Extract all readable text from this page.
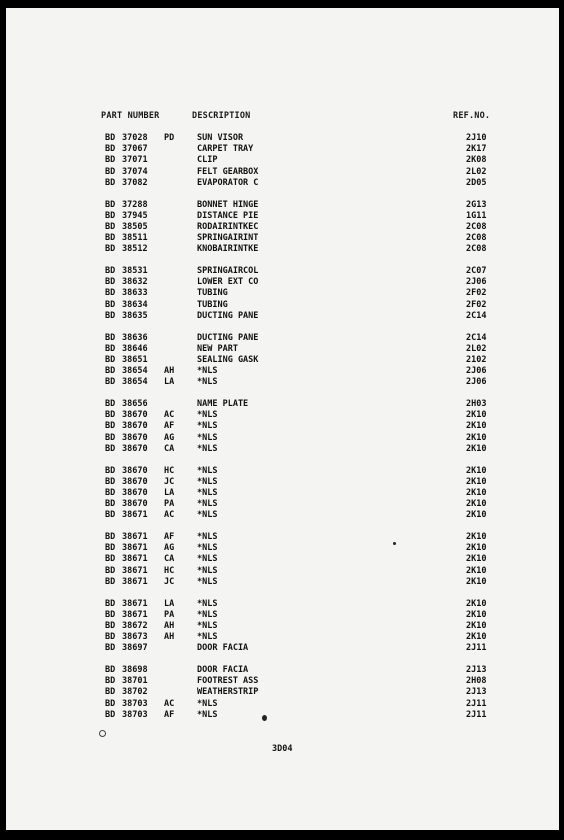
PART NUMBER	DESCRIPTION	REF.NO.
BD 37028 PD	SUN VISOR	2J10
BD 37067	CARPET TRAY	2K17
BD 37071	CLIP	2K08
BD 37074	FELT GEARBOX	2L02
BD 37082	EVAPORATOR C	2D05
BD 37288	BONNET HINGE	2G13
BD 37945	DISTANCE PIE	1G11
BD 38505	RODAIRINTKEC	2C08
BD 38511	SPRINGAIRINT	2C08
BD 38512	KNOBAIRINTKE	2C08
BD 38531	SPRINGAIRCOL	2C07
BD 38632	LOWER EXT CO	2J06
BD 38633	TUBING	2F02
BD 38634	TUBING	2F02
BD 38635	DUCTING PANE	2C14
BD 38636	DUCTING PANE	2C14
BD 38646	NEW PART	2L02
BD 38651	SEALING GASK	2102
BD 38654 AH	*NLS	2J06
BD 38654 LA	*NLS	2J06
BD 38656	NAME PLATE	2H03
BD 38670 AC	*NLS	2K10
BD 38670 AF	*NLS	2K10
BD 38670 AG	*NLS	2K10
BD 38670 CA	*NLS	2K10
BD 38670 HC	*NLS	2K10
BD 38670 JC	*NLS	2K10
BD 38670 LA	*NLS	2K10
BD 38670 PA	*NLS	2K10
BD 38671 AC	*NLS	2K10
BD 38671 AF	*NLS	2K10
BD 38671 AG	*NLS	2K10
BD 38671 CA	*NLS	2K10
BD 38671 HC	*NLS	2K10
BD 38671 JC	*NLS	2K10
BD 38671 LA	*NLS	2K10
BD 38671 PA	*NLS	2K10
BD 38672 AH	*NLS	2K10
BD 38673 AH	*NLS	2K10
BD 38697	DOOR FACIA	2J11
BD 38698	DOOR FACIA	2J13
BD 38701	FOOTREST ASS	2H08
BD 38702	WEATHERSTRIP	2J13
BD 38703 AC	*NLS	2J11
BD 38703 AF	*NLS	2J11
3D04
